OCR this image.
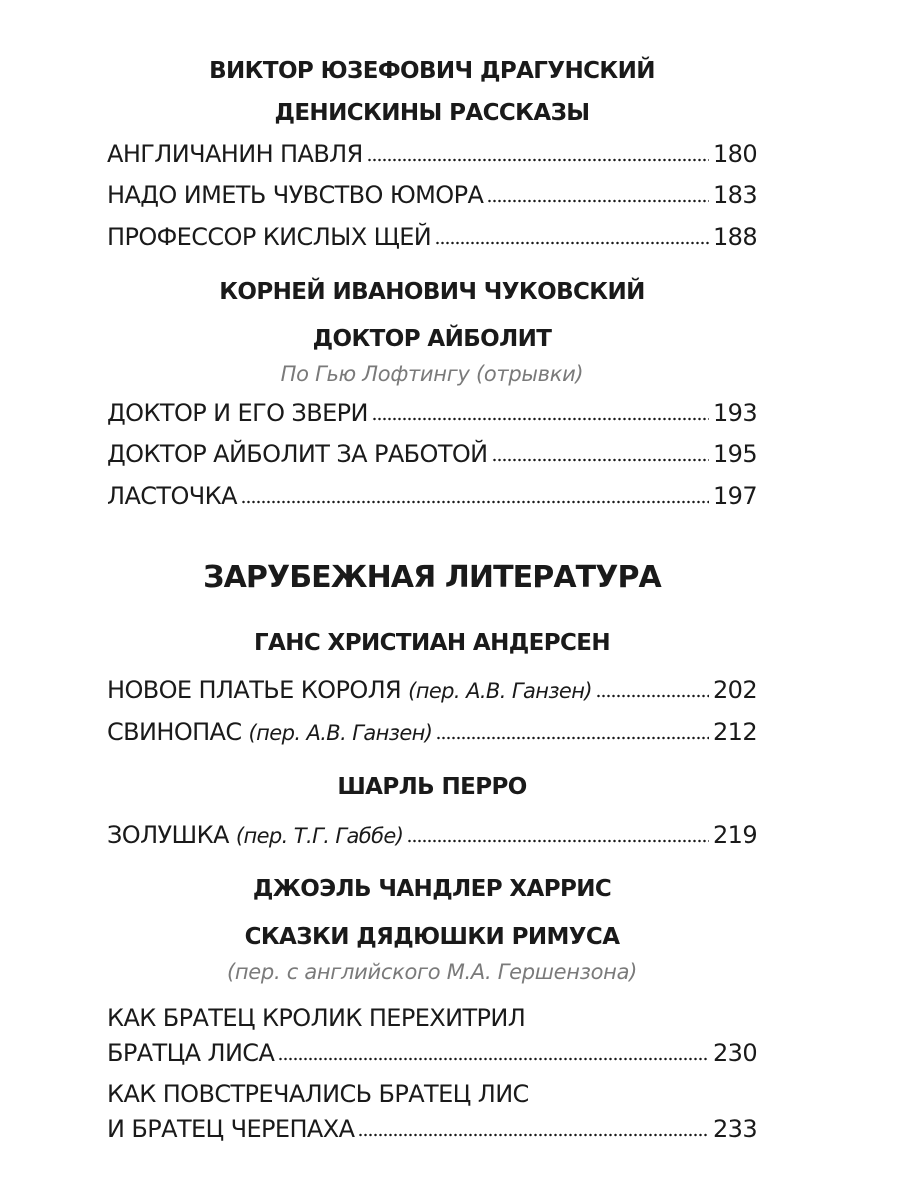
ВИКТОР ЮЗЕФОВИЧ ДРАГУНСКИЙ
ДЕНИСКИНЫ РАССКАЗЫ
АНГЛИЧАНИН ПАВЛЯ	180
НАДО ИМЕТЬ ЧУВСТВО ЮМОРА	183
ПРОФЕССОР КИСЛЫХ ЩЕЙ	188
КОРНЕЙ ИВАНОВИЧ ЧУКОВСКИЙ
ДОКТОР АЙБОЛИТ
По Гью Лофтингу (отрывки)
ДОКТОР И ЕГО ЗВЕРИ	193
ДОКТОР АЙБОЛИТ ЗА РАБОТОЙ	195
ЛАСТОЧКА	197
ЗАРУБЕЖНАЯ ЛИТЕРАТУРА
ГАНС ХРИСТИАН АНДЕРСЕН
НОВОЕ ПЛАТЬЕ КОРОЛЯ (пер. А.В. Ганзен)	202
СВИНОПАС (пер. А.В. Ганзен)	212
ШАРЛЬ ПЕРРО
ЗОЛУШКА (пер. Т.Г. Габбе)	219
ДЖОЭЛЬ ЧАНДЛЕР ХАРРИС
СКАЗКИ ДЯДЮШКИ РИМУСА
(пер. с английского М.А. Гершензона)
КАК БРАТЕЦ КРОЛИК ПЕРЕХИТРИЛ
БРАТЦА ЛИСА	230
КАК ПОВСТРЕЧАЛИСЬ БРАТЕЦ ЛИС
И БРАТЕЦ ЧЕРЕПАХА	233
